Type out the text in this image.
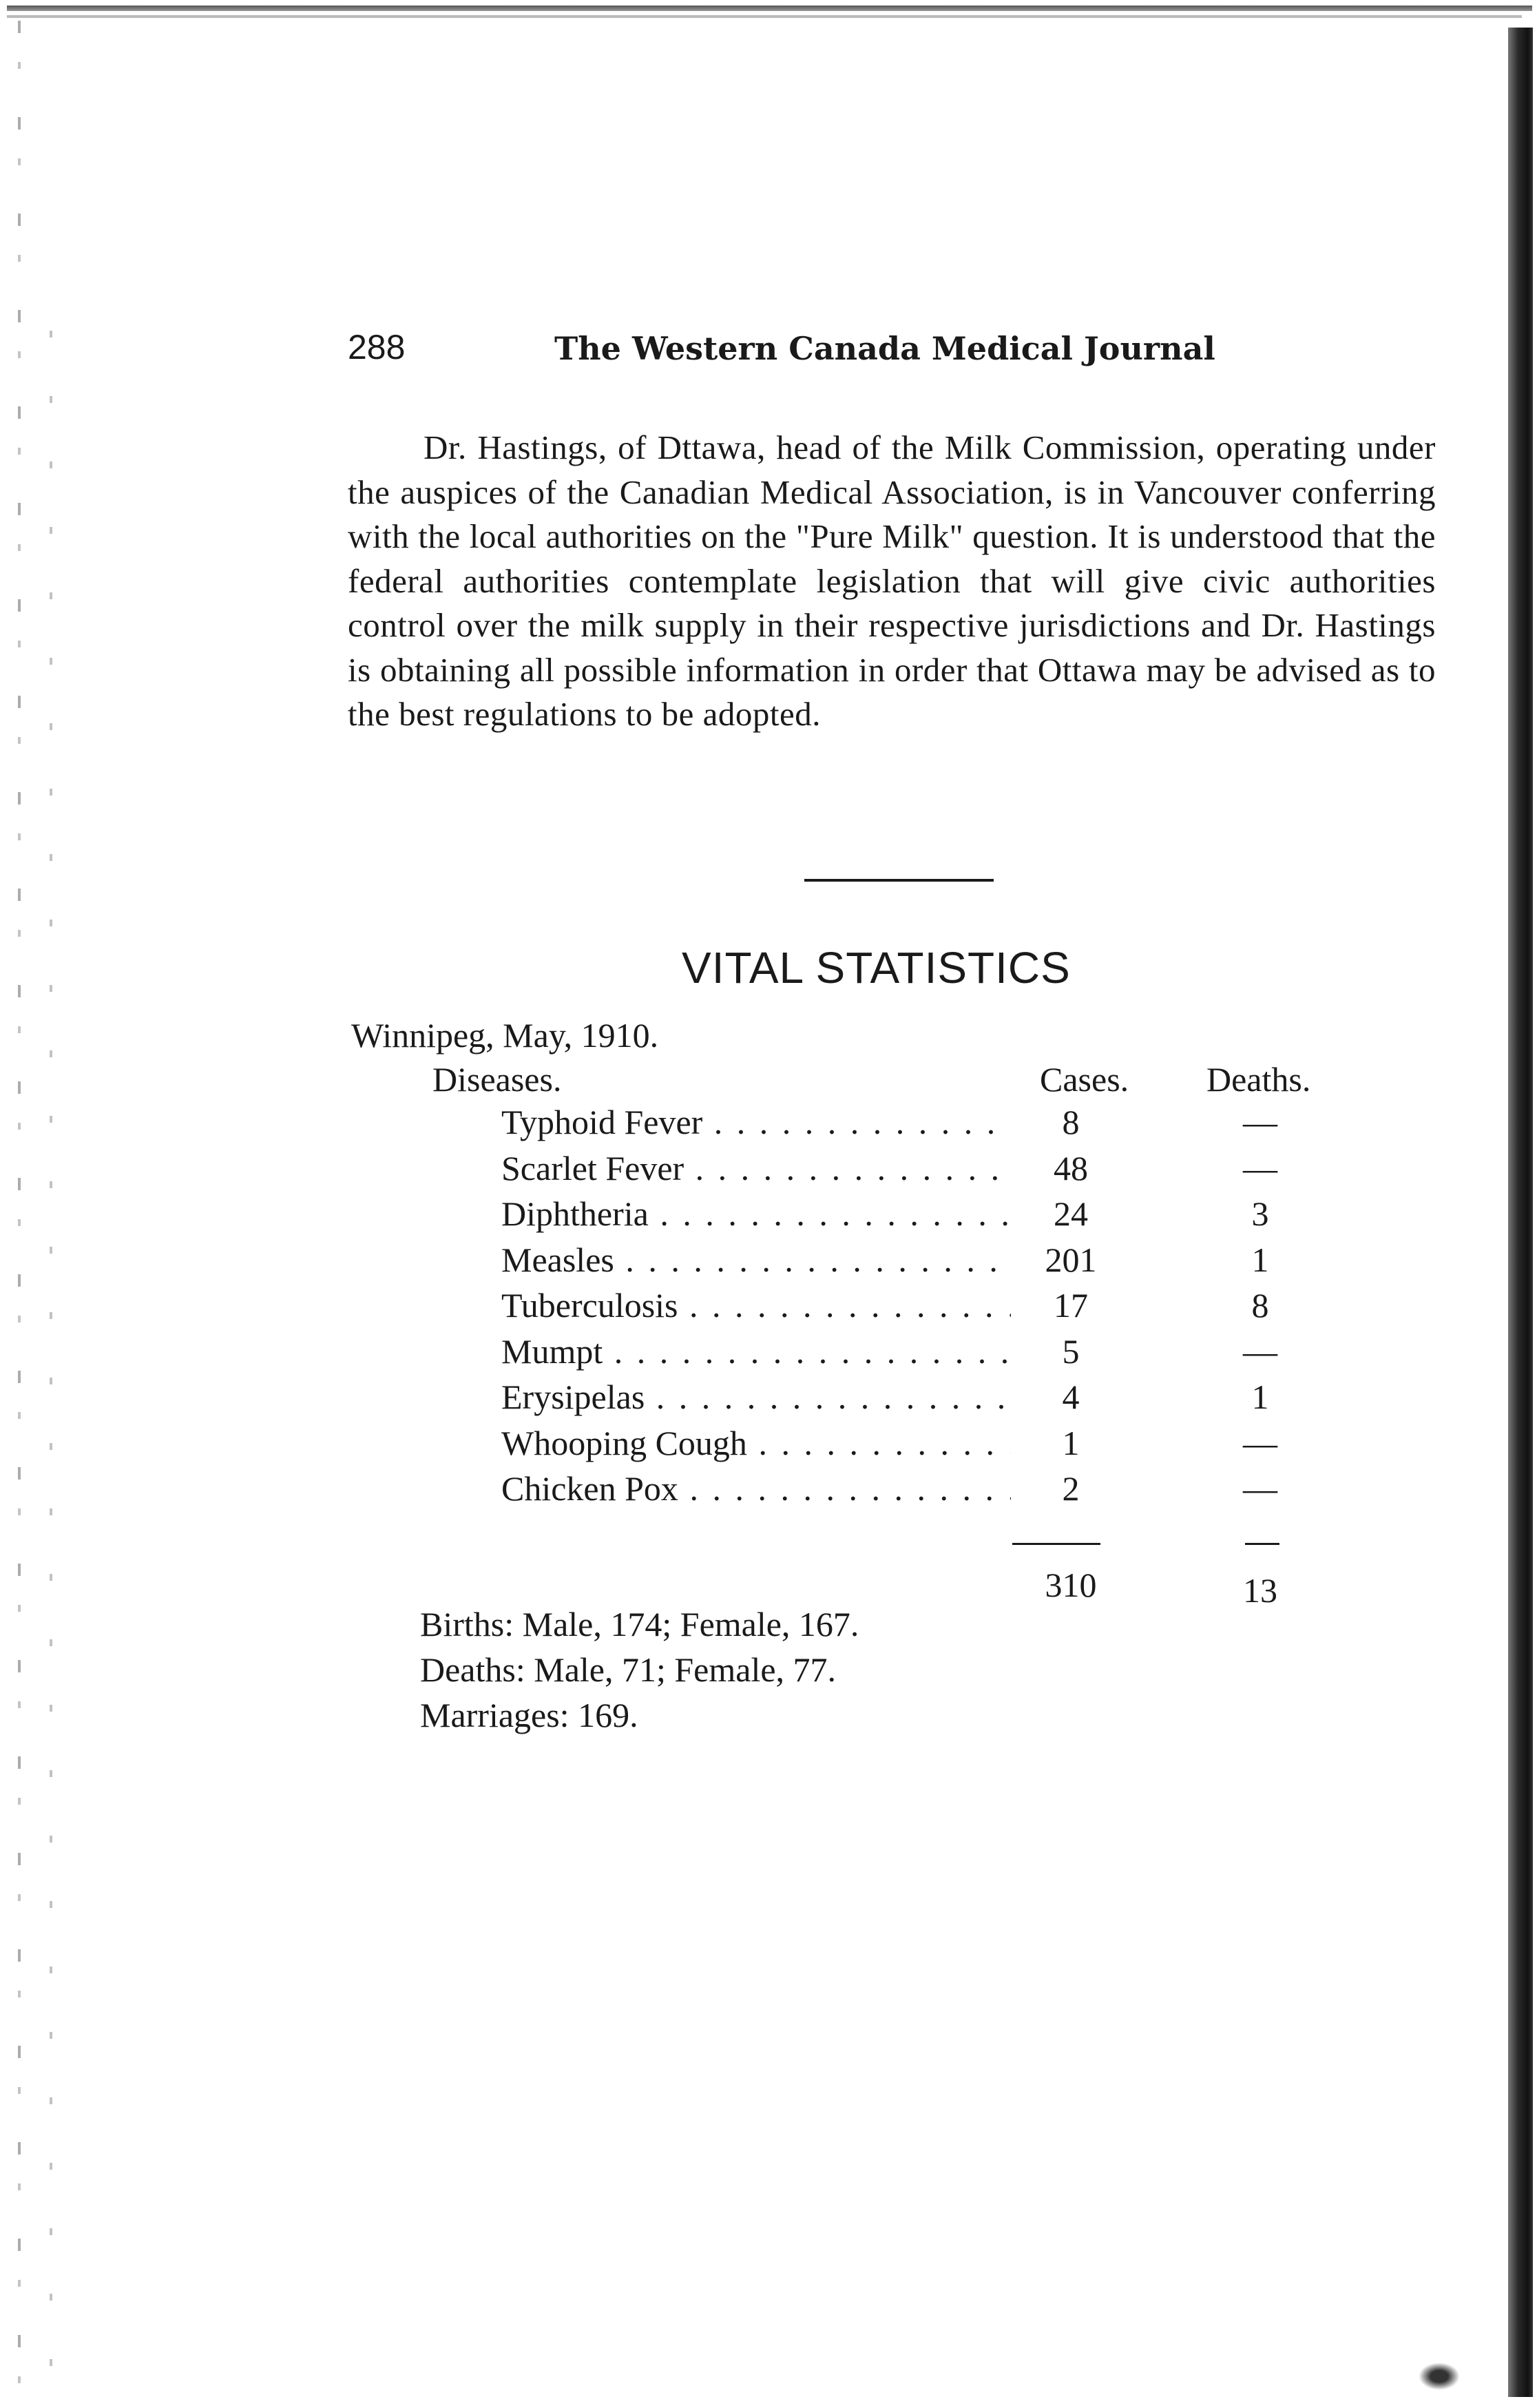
288	The Western Canada Medical Journal

Dr. Hastings, of Dttawa, head of the Milk Commission, operating under the auspices of the Canadian Medical Association, is in Vancouver conferring with the local authorities on the "Pure Milk" question. It is understood that the federal authorities contemplate legislation that will give civic authorities control over the milk supply in their respective jurisdictions and Dr. Hastings is obtaining all possible information in order that Ottawa may be advised as to the best regulations to be adopted.

VITAL STATISTICS
Winnipeg, May, 1910.
Diseases.	Cases. Deaths.
Typhoid Fever . . .	8	—
Scarlet Fever . . .	48	—
Diphtheria . . .	24	3
Measles . . .	201	1
Tuberculosis . . .	17	8
Mumpt . . .	5	—
Erysipelas . . .	4	1
Whooping Cough . . .	1	—
Chicken Pox . . .	2	—
310	13
Births: Male, 174; Female, 167.
Deaths: Male, 71; Female, 77.
Marriages: 169.
